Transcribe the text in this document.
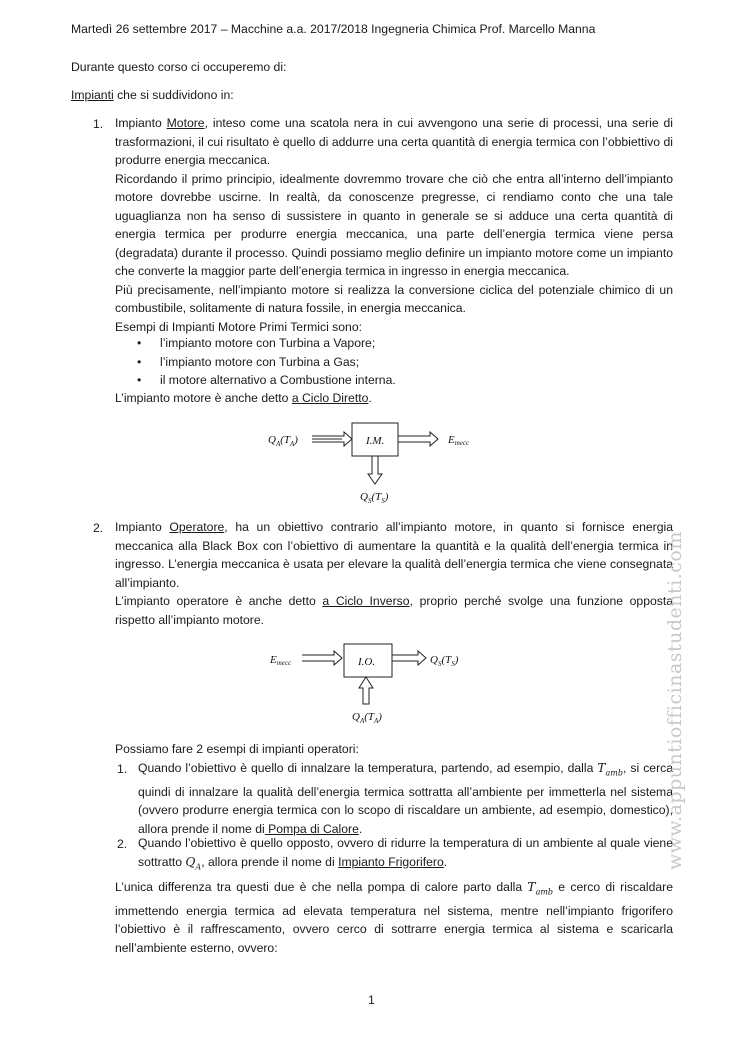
Martedì 26 settembre 2017 – Macchine a.a. 2017/2018 Ingegneria Chimica Prof. Marcello Manna
Durante questo corso ci occuperemo di:
Impianti che si suddividono in:
1. Impianto Motore, inteso come una scatola nera in cui avvengono una serie di processi, una serie di trasformazioni, il cui risultato è quello di addurre una certa quantità di energia termica con l’obbiettivo di produrre energia meccanica.
Ricordando il primo principio, idealmente dovremmo trovare che ciò che entra all’interno dell’impianto motore dovrebbe uscirne. In realtà, da conoscenze pregresse, ci rendiamo conto che una tale uguaglianza non ha senso di sussistere in quanto in generale se si adduce una certa quantità di energia termica per produrre energia meccanica, una parte dell’energia termica viene persa (degradata) durante il processo. Quindi possiamo meglio definire un impianto motore come un impianto che converte la maggior parte dell’energia termica in ingresso in energia meccanica.
Più precisamente, nell’impianto motore si realizza la conversione ciclica del potenziale chimico di un combustibile, solitamente di natura fossile, in energia meccanica.
Esempi di Impianti Motore Primi Termici sono:
• l’impianto motore con Turbina a Vapore;
• l’impianto motore con Turbina a Gas;
• il motore alternativo a Combustione interna.
L’impianto motore è anche detto a Ciclo Diretto.
$Q_A(T_A)$	I.M.	Emecc
$Q_S(T_S)$
2. Impianto Operatore, ha un obiettivo contrario all’impianto motore, in quanto si fornisce energia meccanica alla Black Box con l’obiettivo di aumentare la quantità e la qualità dell’energia termica in ingresso. L’energia meccanica è usata per elevare la qualità dell’energia termica che viene consegnata all’impianto.
L’impianto operatore è anche detto a Ciclo Inverso, proprio perché svolge una funzione opposta rispetto all’impianto motore.
Emecc	I.O.	$Q_S(T_S)$
$Q_A(T_A)$
Possiamo fare 2 esempi di impianti operatori:
1. Quando l’obiettivo è quello di innalzare la temperatura, partendo, ad esempio, dalla $T_{amb}$, si cerca quindi di innalzare la qualità dell’energia termica sottratta all’ambiente per immetterla nel sistema (ovvero produrre energia termica con lo scopo di riscaldare un ambiente, ad esempio, domestico), allora prende il nome di Pompa di Calore.
2. Quando l’obiettivo è quello opposto, ovvero di ridurre la temperatura di un ambiente al quale viene sottratto $Q_A$, allora prende il nome di Impianto Frigorifero.
L’unica differenza tra questi due è che nella pompa di calore parto dalla $T_{amb}$ e cerco di riscaldare immettendo energia termica ad elevata temperatura nel sistema, mentre nell’impianto frigorifero l’obiettivo è il raffrescamento, ovvero cerco di sottrarre energia termica al sistema e scaricarla nell’ambiente esterno, ovvero:
1
www.appuntiofficinastudenti.com
